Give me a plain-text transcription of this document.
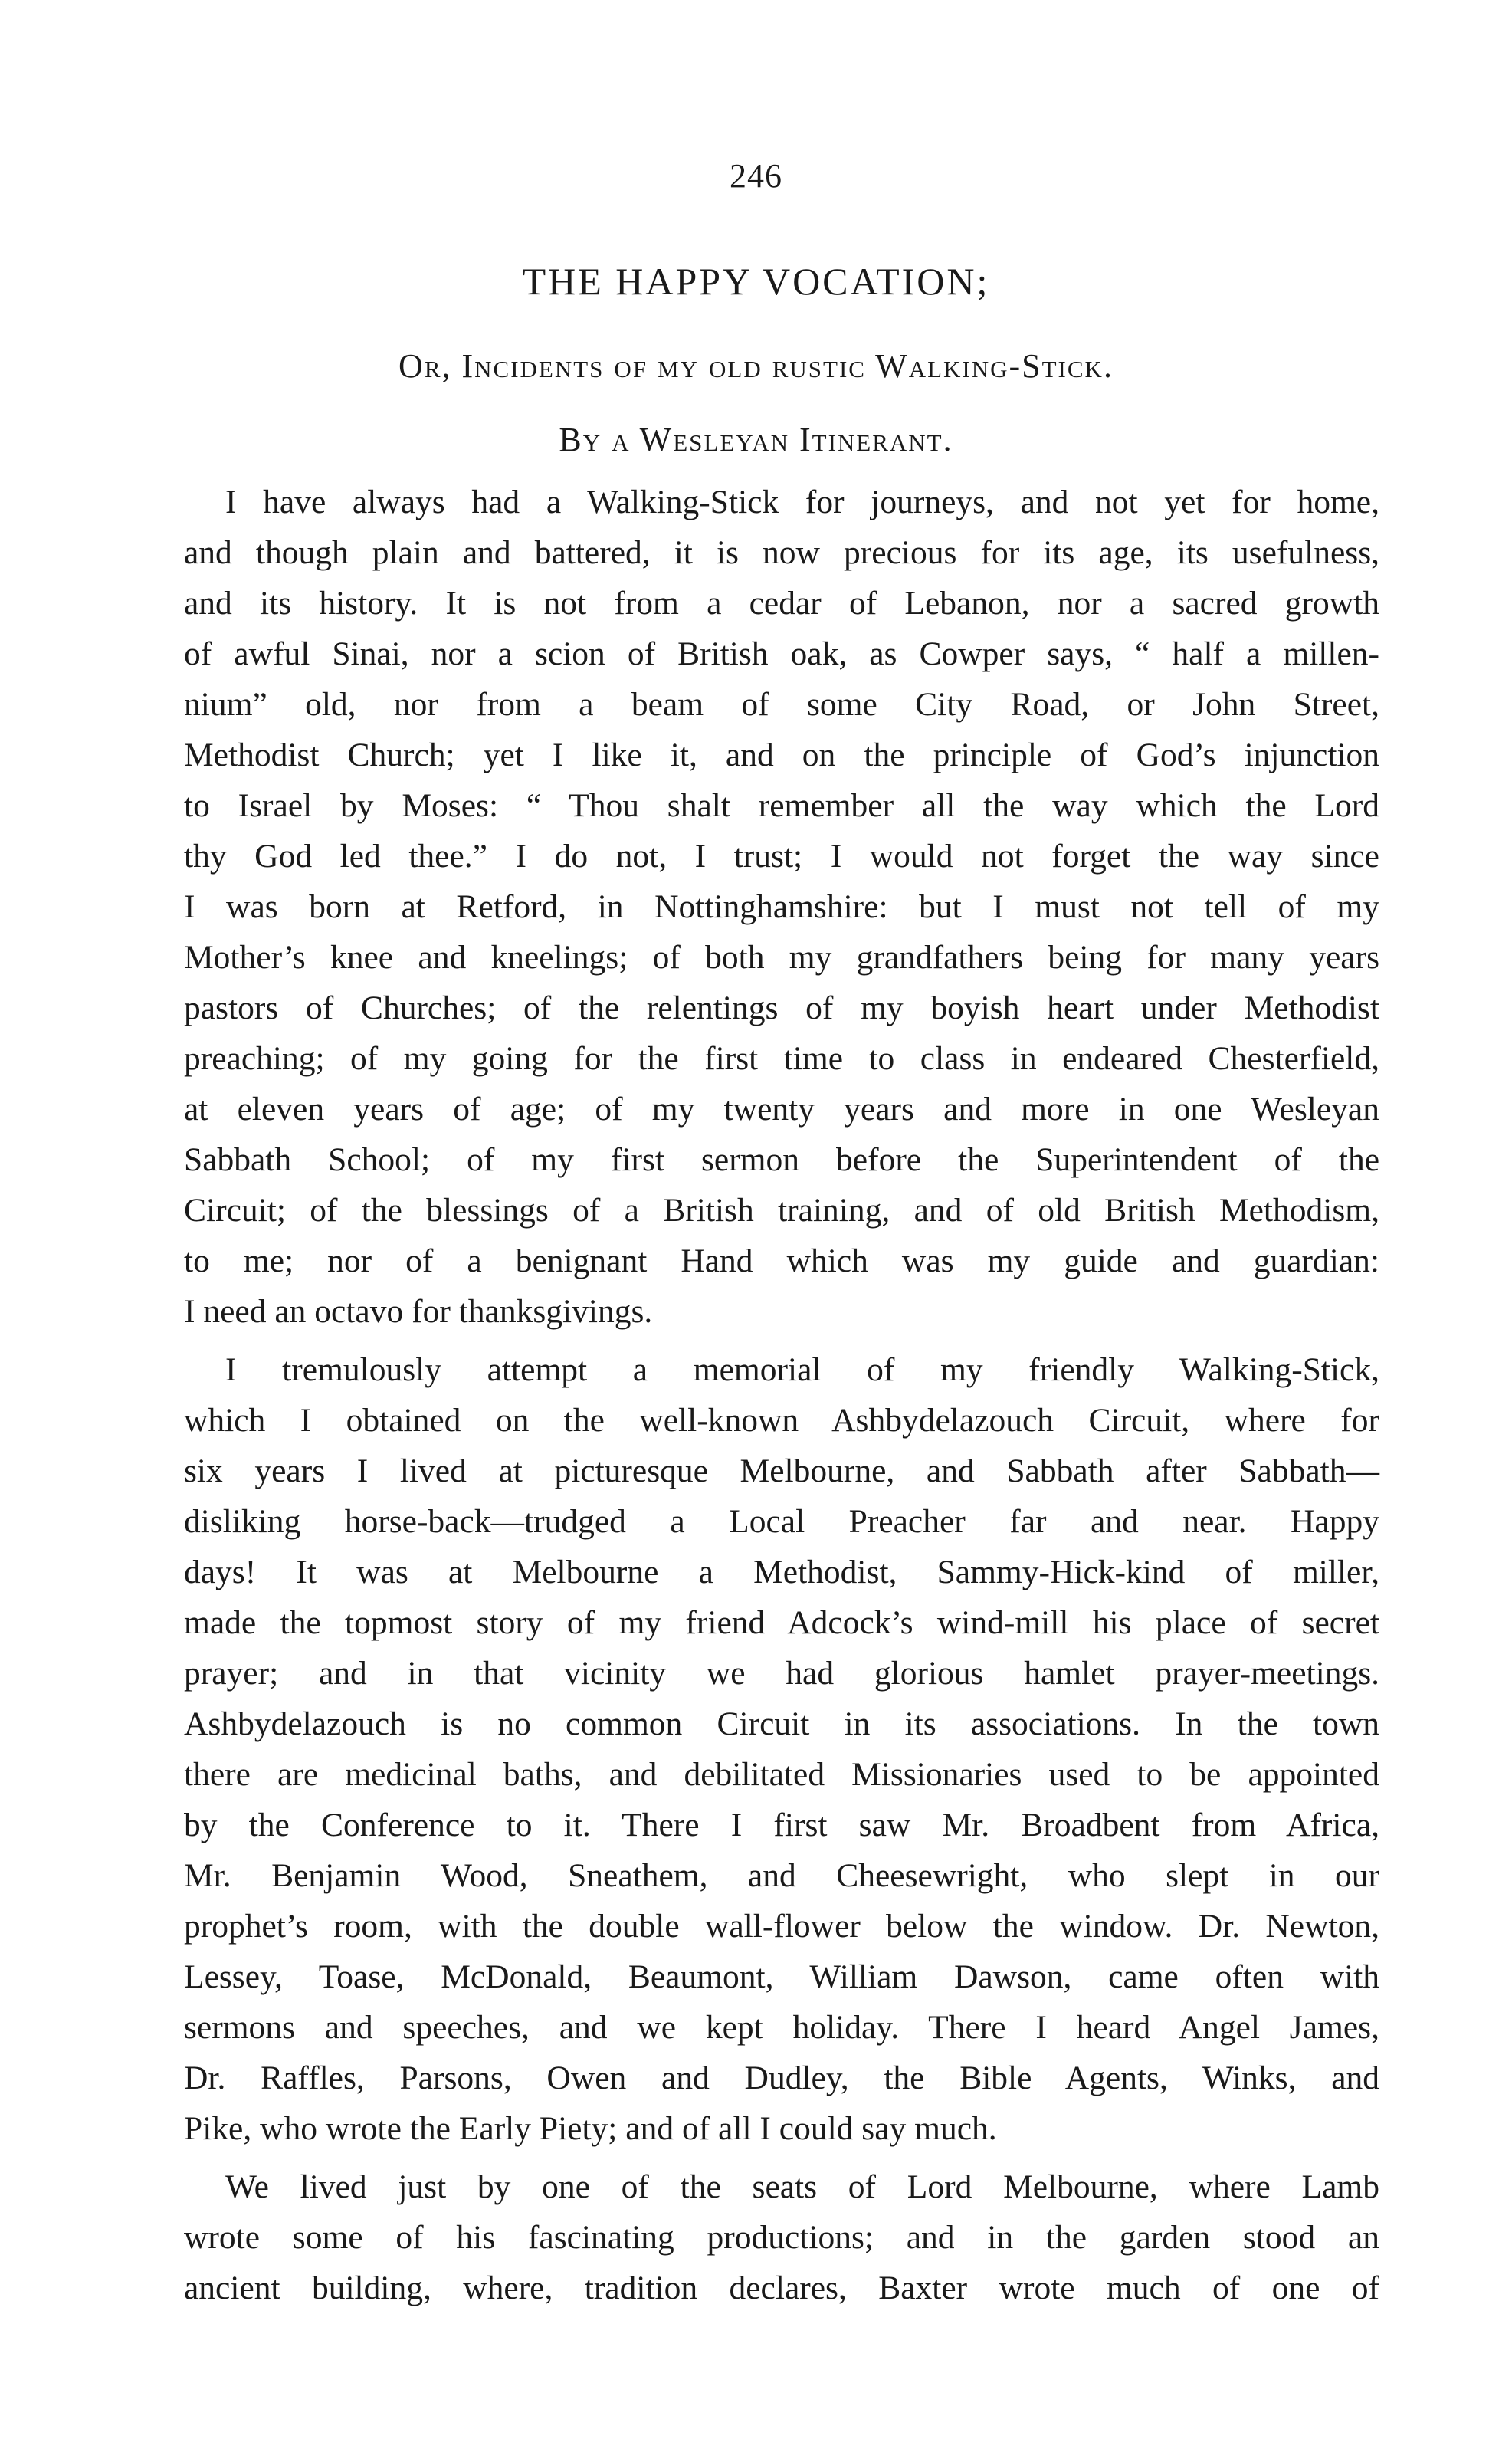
246
THE HAPPY VOCATION;
Or, Incidents of my old rustic Walking-Stick.
By a Wesleyan Itinerant.

I have always had a Walking-Stick for journeys, and not yet for home,
and though plain and battered, it is now precious for its age, its usefulness,
and its history. It is not from a cedar of Lebanon, nor a sacred growth
of awful Sinai, nor a scion of British oak, as Cowper says, “ half a millen-
nium” old, nor from a beam of some City Road, or John Street,
Methodist Church; yet I like it, and on the principle of God’s injunction
to Israel by Moses: “ Thou shalt remember all the way which the Lord
thy God led thee.” I do not, I trust; I would not forget the way since
I was born at Retford, in Nottinghamshire: but I must not tell of my
Mother’s knee and kneelings; of both my grandfathers being for many years
pastors of Churches; of the relentings of my boyish heart under Methodist
preaching; of my going for the first time to class in endeared Chesterfield,
at eleven years of age; of my twenty years and more in one Wesleyan
Sabbath School; of my first sermon before the Superintendent of the
Circuit; of the blessings of a British training, and of old British Methodism,
to me; nor of a benignant Hand which was my guide and guardian:
I need an octavo for thanksgivings.

I tremulously attempt a memorial of my friendly Walking-Stick,
which I obtained on the well-known Ashbydelazouch Circuit, where for
six years I lived at picturesque Melbourne, and Sabbath after Sabbath—
disliking horse-back—trudged a Local Preacher far and near. Happy
days! It was at Melbourne a Methodist, Sammy-Hick-kind of miller,
made the topmost story of my friend Adcock’s wind-mill his place of secret
prayer; and in that vicinity we had glorious hamlet prayer-meetings.
Ashbydelazouch is no common Circuit in its associations. In the town
there are medicinal baths, and debilitated Missionaries used to be appointed
by the Conference to it. There I first saw Mr. Broadbent from Africa,
Mr. Benjamin Wood, Sneathem, and Cheesewright, who slept in our
prophet’s room, with the double wall-flower below the window. Dr. Newton,
Lessey, Toase, McDonald, Beaumont, William Dawson, came often with
sermons and speeches, and we kept holiday. There I heard Angel James,
Dr. Raffles, Parsons, Owen and Dudley, the Bible Agents, Winks, and
Pike, who wrote the Early Piety; and of all I could say much.

We lived just by one of the seats of Lord Melbourne, where Lamb
wrote some of his fascinating productions; and in the garden stood an
ancient building, where, tradition declares, Baxter wrote much of one of
